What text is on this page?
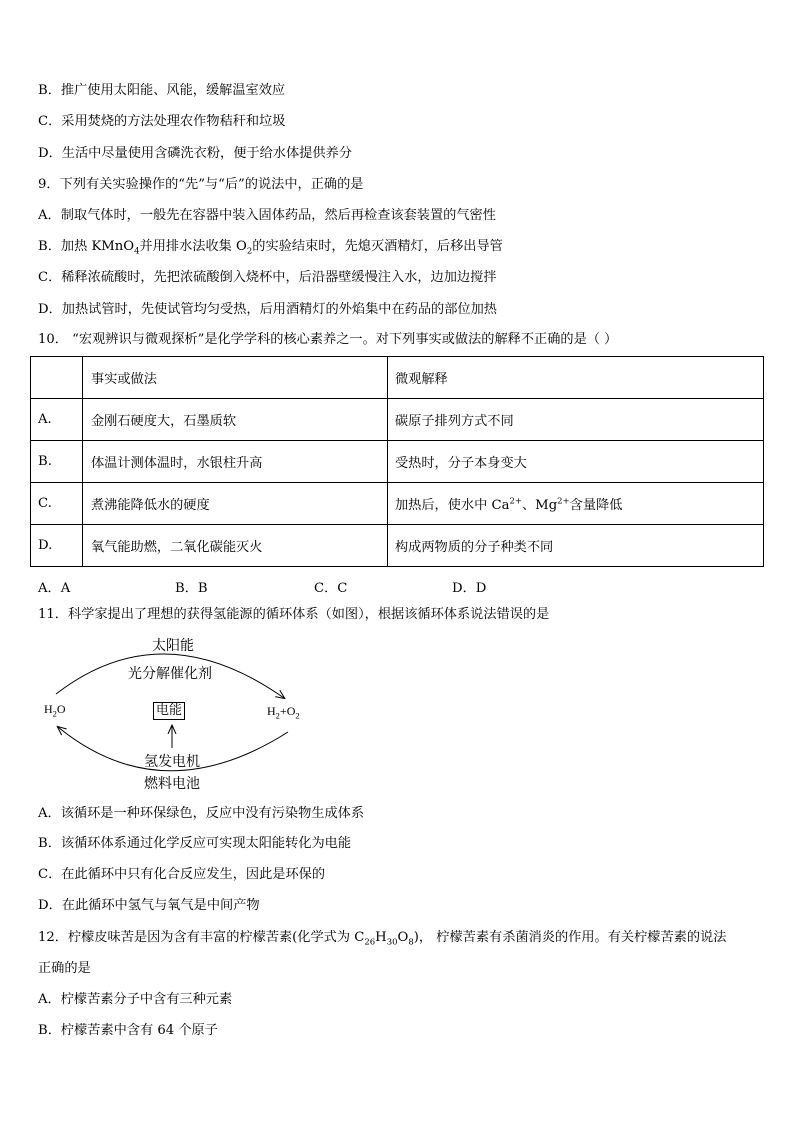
B．推广使用太阳能、风能，缓解温室效应
C．采用焚烧的方法处理农作物秸秆和垃圾
D．生活中尽量使用含磷洗衣粉，便于给水体提供养分
9．下列有关实验操作的“先”与“后”的说法中，正确的是
A．制取气体时，一般先在容器中装入固体药品，然后再检查该套装置的气密性
B．加热 KMnO$_4$并用排水法收集 $O_2$的实验结束时，先熄灭酒精灯，后移出导管
C．稀释浓硫酸时，先把浓硫酸倒入烧杯中，后沿器壁缓慢注入水，边加边搅拌
D．加热试管时，先使试管均匀受热，后用酒精灯的外焰集中在药品的部位加热
10． “宏观辨识与微观探析”是化学学科的核心素养之一。对下列事实或做法的解释不正确的是（ ）
	事实或做法	微观解释
A.	金刚石硬度大，石墨质软	碳原子排列方式不同
B.	体温计测体温时，水银柱升高	受热时，分子本身变大
C.	煮沸能降低水的硬度	加热后，使水中 $Ca^{2+}$、$Mg^{2+}$含量降低
D.	氧气能助燃，二氧化碳能灭火	构成两物质的分子种类不同
A．A	B．B	C．C	D．D
11．科学家提出了理想的获得氢能源的循环体系（如图），根据该循环体系说法错误的是
太阳能
光分解催化剂
$H_2O$	电能	$H_2+O_2$
氢发电机
燃料电池
A．该循环是一种环保绿色，反应中没有污染物生成体系
B．该循环体系通过化学反应可实现太阳能转化为电能
C．在此循环中只有化合反应发生，因此是环保的
D．在此循环中氢气与氧气是中间产物
12．柠檬皮味苦是因为含有丰富的柠檬苦素(化学式为 $C_{26}H_{30}O_8$)， 柠檬苦素有杀菌消炎的作用。有关柠檬苦素的说法
正确的是
A．柠檬苦素分子中含有三种元素
B．柠檬苦素中含有 64 个原子
